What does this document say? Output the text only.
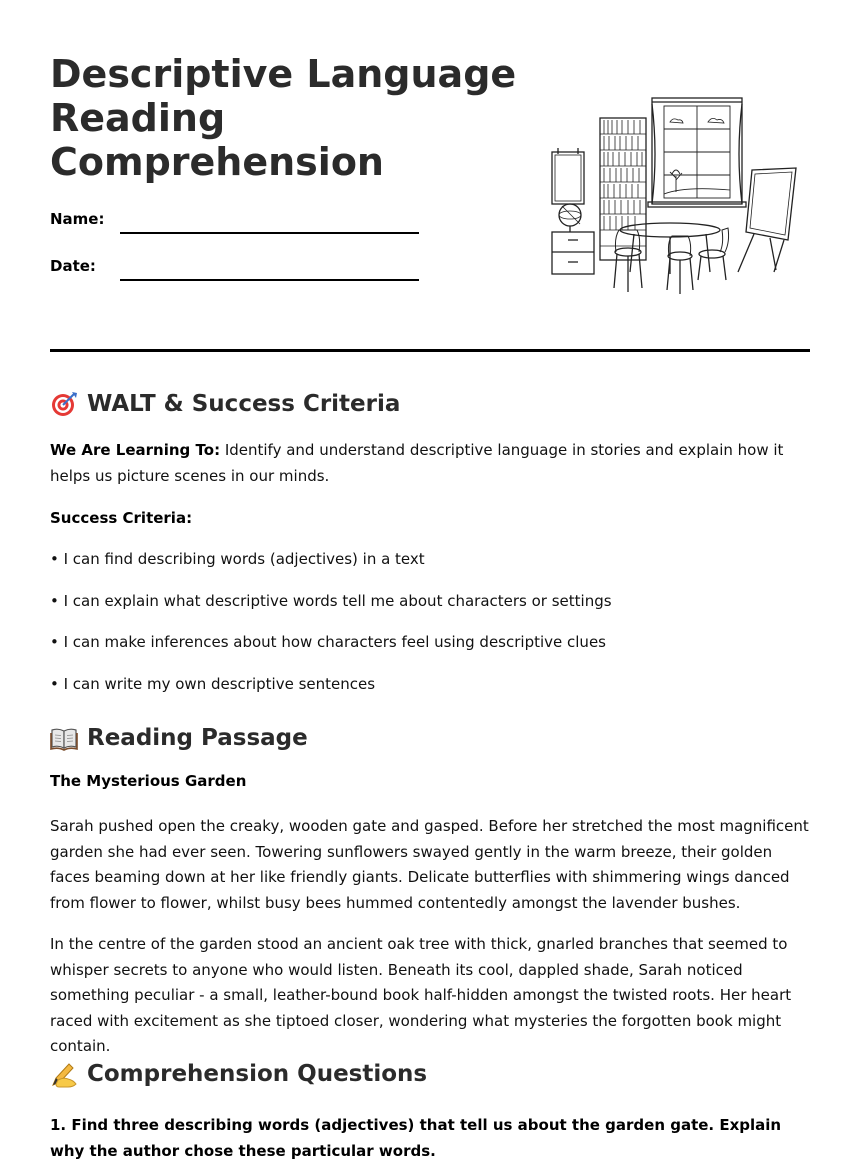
Descriptive Language
Reading
Comprehension
Name:
Date:
WALT & Success Criteria

We Are Learning To: Identify and understand descriptive language in stories and explain how it helps us picture scenes in our minds.

Success Criteria:

• I can find describing words (adjectives) in a text

• I can explain what descriptive words tell me about characters or settings

• I can make inferences about how characters feel using descriptive clues

• I can write my own descriptive sentences

Reading Passage

The Mysterious Garden

Sarah pushed open the creaky, wooden gate and gasped. Before her stretched the most magnificent garden she had ever seen. Towering sunflowers swayed gently in the warm breeze, their golden faces beaming down at her like friendly giants. Delicate butterflies with shimmering wings danced from flower to flower, whilst busy bees hummed contentedly amongst the lavender bushes.

In the centre of the garden stood an ancient oak tree with thick, gnarled branches that seemed to whisper secrets to anyone who would listen. Beneath its cool, dappled shade, Sarah noticed something peculiar - a small, leather-bound book half-hidden amongst the twisted roots. Her heart raced with excitement as she tiptoed closer, wondering what mysteries the forgotten book might contain.

Comprehension Questions

1. Find three describing words (adjectives) that tell us about the garden gate. Explain why the author chose these particular words.
